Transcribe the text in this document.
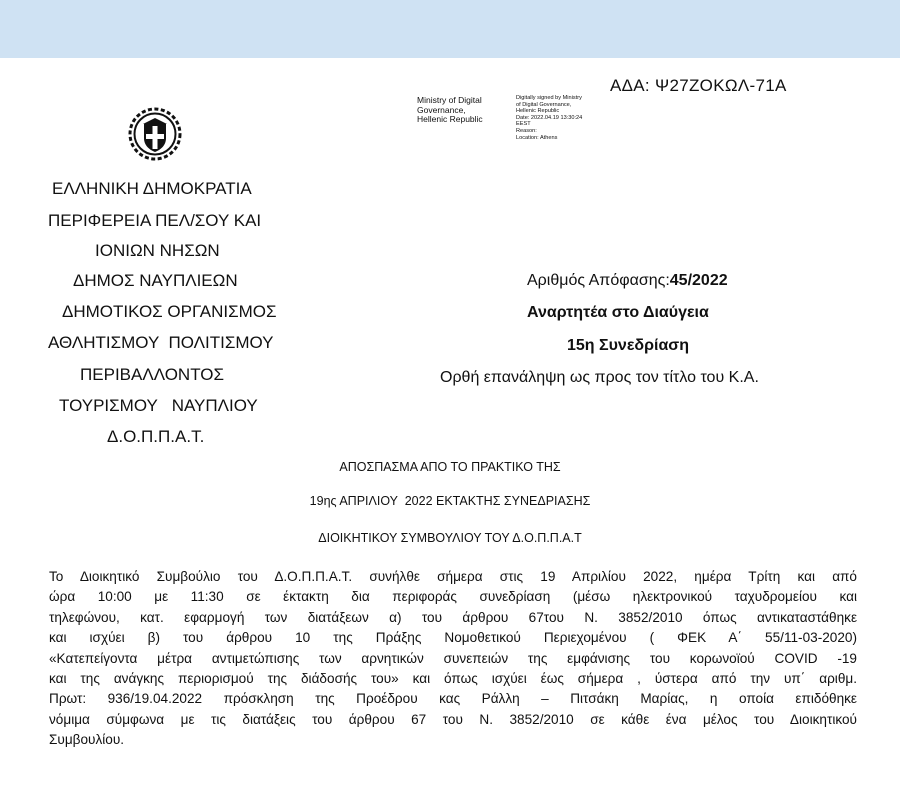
ΑΔΑ: Ψ27ΖΟΚΩΛ-71Α
Ministry of Digital
Governance,
Hellenic Republic
Digitally signed by Ministry
of Digital Governance,
Hellenic Republic
Date: 2022.04.19 13:30:24
EEST
Reason:
Location: Athens
ΕΛΛΗΝΙΚΗ ΔΗΜΟΚΡΑΤΙΑ
ΠΕΡΙΦΕΡΕΙΑ ΠΕΛ/ΣΟΥ ΚΑΙ
ΙΟΝΙΩΝ ΝΗΣΩΝ
ΔΗΜΟΣ ΝΑΥΠΛΙΕΩΝ
ΔΗΜΟΤΙΚΟΣ ΟΡΓΑΝΙΣΜΟΣ
ΑΘΛΗΤΙΣΜΟΥ  ΠΟΛΙΤΙΣΜΟΥ
ΠΕΡΙΒΑΛΛΟΝΤΟΣ
ΤΟΥΡΙΣΜΟΥ   ΝΑΥΠΛΙΟΥ
Δ.Ο.Π.Π.Α.Τ.
Αριθμός Απόφασης:45/2022
Αναρτητέα στο Διαύγεια
15η Συνεδρίαση
Ορθή επανάληψη ως προς τον τίτλο του Κ.Α.
ΑΠΟΣΠΑΣΜΑ ΑΠΟ ΤΟ ΠΡΑΚΤΙΚΟ ΤΗΣ
19ης ΑΠΡΙΛΙΟΥ  2022 ΕΚΤΑΚΤΗΣ ΣΥΝΕΔΡΙΑΣΗΣ
ΔΙΟΙΚΗΤΙΚΟΥ ΣΥΜΒΟΥΛΙΟΥ ΤΟΥ Δ.Ο.Π.Π.Α.Τ
Το Διοικητικό Συμβούλιο του Δ.Ο.Π.Π.Α.Τ. συνήλθε σήμερα στις 19 Απριλίου 2022, ημέρα Τρίτη και από
ώρα 10:00 με 11:30 σε έκτακτη δια περιφοράς συνεδρίαση (μέσω ηλεκτρονικού ταχυδρομείου και
τηλεφώνου, κατ. εφαρμογή των διατάξεων α) του άρθρου 67του Ν. 3852/2010 όπως αντικαταστάθηκε
και ισχύει β) του άρθρου 10 της Πράξης Νομοθετικού Περιεχομένου ( ΦΕΚ Α΄ 55/11-03-2020)
«Κατεπείγοντα μέτρα αντιμετώπισης των αρνητικών συνεπειών της εμφάνισης του κορωνοϊού COVID -19
και της ανάγκης περιορισμού της διάδοσής του» και όπως ισχύει έως σήμερα , ύστερα από την υπ΄ αριθμ.
Πρωτ: 936/19.04.2022 πρόσκληση της Προέδρου κας Ράλλη – Πιτσάκη Μαρίας, η οποία επιδόθηκε
νόμιμα σύμφωνα με τις διατάξεις του άρθρου 67 του Ν. 3852/2010 σε κάθε ένα μέλος του Διοικητικού
Συμβουλίου.
